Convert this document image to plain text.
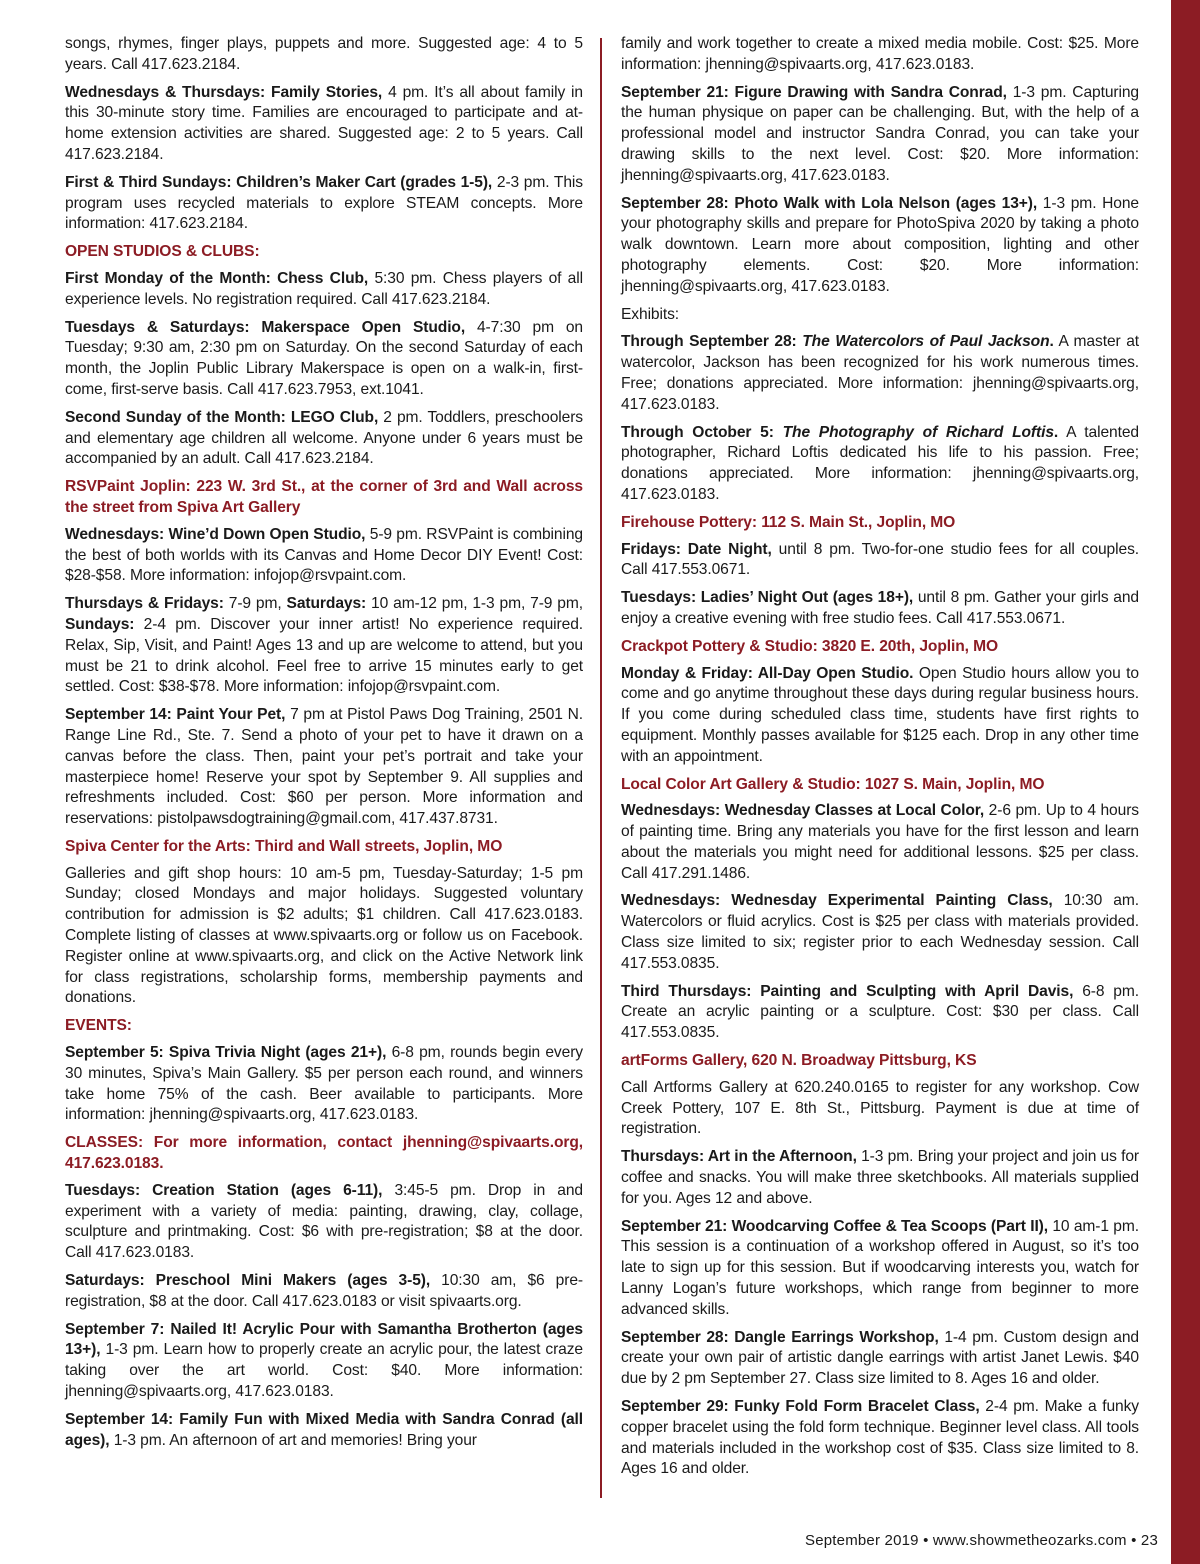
songs, rhymes, finger plays, puppets and more. Suggested age: 4 to 5 years. Call 417.623.2184.

Wednesdays & Thursdays: Family Stories, 4 pm. It’s all about family in this 30-minute story time. Families are encouraged to participate and at-home extension activities are shared. Suggested age: 2 to 5 years. Call 417.623.2184.

First & Third Sundays: Children’s Maker Cart (grades 1-5), 2-3 pm. This program uses recycled materials to explore STEAM concepts. More information: 417.623.2184.

OPEN STUDIOS & CLUBS:

First Monday of the Month: Chess Club, 5:30 pm. Chess players of all experience levels. No registration required. Call 417.623.2184.

Tuesdays & Saturdays: Makerspace Open Studio, 4-7:30 pm on Tuesday; 9:30 am, 2:30 pm on Saturday. On the second Saturday of each month, the Joplin Public Library Makerspace is open on a walk-in, first-come, first-serve basis. Call 417.623.7953, ext.1041.

Second Sunday of the Month: LEGO Club, 2 pm. Toddlers, preschoolers and elementary age children all welcome. Anyone under 6 years must be accompanied by an adult. Call 417.623.2184.

RSVPaint Joplin: 223 W. 3rd St., at the corner of 3rd and Wall across the street from Spiva Art Gallery

Wednesdays: Wine’d Down Open Studio, 5-9 pm. RSVPaint is combining the best of both worlds with its Canvas and Home Decor DIY Event! Cost: $28-$58. More information: infojop@rsvpaint.com.

Thursdays & Fridays: 7-9 pm, Saturdays: 10 am-12 pm, 1-3 pm, 7-9 pm, Sundays: 2-4 pm. Discover your inner artist! No experience required. Relax, Sip, Visit, and Paint! Ages 13 and up are welcome to attend, but you must be 21 to drink alcohol. Feel free to arrive 15 minutes early to get settled. Cost: $38-$78. More information: infojop@rsvpaint.com.

September 14: Paint Your Pet, 7 pm at Pistol Paws Dog Training, 2501 N. Range Line Rd., Ste. 7. Send a photo of your pet to have it drawn on a canvas before the class. Then, paint your pet’s portrait and take your masterpiece home! Reserve your spot by September 9. All supplies and refreshments included. Cost: $60 per person. More information and reservations: pistolpawsdogtraining@gmail.com, 417.437.8731.

Spiva Center for the Arts: Third and Wall streets, Joplin, MO

Galleries and gift shop hours: 10 am-5 pm, Tuesday-Saturday; 1-5 pm Sunday; closed Mondays and major holidays. Suggested voluntary contribution for admission is $2 adults; $1 children. Call 417.623.0183. Complete listing of classes at www.spivaarts.org or follow us on Facebook. Register online at www.spivaarts.org, and click on the Active Network link for class registrations, scholarship forms, membership payments and donations.

EVENTS:

September 5: Spiva Trivia Night (ages 21+), 6-8 pm, rounds begin every 30 minutes, Spiva’s Main Gallery. $5 per person each round, and winners take home 75% of the cash. Beer available to participants. More information: jhenning@spivaarts.org, 417.623.0183.

CLASSES: For more information, contact jhenning@spivaarts.org, 417.623.0183.

Tuesdays: Creation Station (ages 6-11), 3:45-5 pm. Drop in and experiment with a variety of media: painting, drawing, clay, collage, sculpture and printmaking. Cost: $6 with pre-registration; $8 at the door. Call 417.623.0183.

Saturdays: Preschool Mini Makers (ages 3-5), 10:30 am, $6 pre-registration, $8 at the door. Call 417.623.0183 or visit spivaarts.org.

September 7: Nailed It! Acrylic Pour with Samantha Brotherton (ages 13+), 1-3 pm. Learn how to properly create an acrylic pour, the latest craze taking over the art world. Cost: $40. More information: jhenning@spivaarts.org, 417.623.0183.

September 14: Family Fun with Mixed Media with Sandra Conrad (all ages), 1-3 pm. An afternoon of art and memories! Bring your

family and work together to create a mixed media mobile. Cost: $25. More information: jhenning@spivaarts.org, 417.623.0183.

September 21: Figure Drawing with Sandra Conrad, 1-3 pm. Capturing the human physique on paper can be challenging. But, with the help of a professional model and instructor Sandra Conrad, you can take your drawing skills to the next level. Cost: $20. More information: jhenning@spivaarts.org, 417.623.0183.

September 28: Photo Walk with Lola Nelson (ages 13+), 1-3 pm. Hone your photography skills and prepare for PhotoSpiva 2020 by taking a photo walk downtown. Learn more about composition, lighting and other photography elements. Cost: $20. More information: jhenning@spivaarts.org, 417.623.0183.

Exhibits:

Through September 28: The Watercolors of Paul Jackson. A master at watercolor, Jackson has been recognized for his work numerous times. Free; donations appreciated. More information: jhenning@spivaarts.org, 417.623.0183.

Through October 5: The Photography of Richard Loftis. A talented photographer, Richard Loftis dedicated his life to his passion. Free; donations appreciated. More information: jhenning@spivaarts.org, 417.623.0183.

Firehouse Pottery: 112 S. Main St., Joplin, MO

Fridays: Date Night, until 8 pm. Two-for-one studio fees for all couples. Call 417.553.0671.

Tuesdays: Ladies’ Night Out (ages 18+), until 8 pm. Gather your girls and enjoy a creative evening with free studio fees. Call 417.553.0671.

Crackpot Pottery & Studio: 3820 E. 20th, Joplin, MO

Monday & Friday: All-Day Open Studio. Open Studio hours allow you to come and go anytime throughout these days during regular business hours. If you come during scheduled class time, students have first rights to equipment. Monthly passes available for $125 each. Drop in any other time with an appointment.

Local Color Art Gallery & Studio: 1027 S. Main, Joplin, MO

Wednesdays: Wednesday Classes at Local Color, 2-6 pm. Up to 4 hours of painting time. Bring any materials you have for the first lesson and learn about the materials you might need for additional lessons. $25 per class. Call 417.291.1486.

Wednesdays: Wednesday Experimental Painting Class, 10:30 am. Watercolors or fluid acrylics. Cost is $25 per class with materials provided. Class size limited to six; register prior to each Wednesday session. Call 417.553.0835.

Third Thursdays: Painting and Sculpting with April Davis, 6-8 pm. Create an acrylic painting or a sculpture. Cost: $30 per class. Call 417.553.0835.

artForms Gallery, 620 N. Broadway Pittsburg, KS

Call Artforms Gallery at 620.240.0165 to register for any workshop. Cow Creek Pottery, 107 E. 8th St., Pittsburg. Payment is due at time of registration.

Thursdays: Art in the Afternoon, 1-3 pm. Bring your project and join us for coffee and snacks. You will make three sketchbooks. All materials supplied for you. Ages 12 and above.

September 21: Woodcarving Coffee & Tea Scoops (Part II), 10 am-1 pm. This session is a continuation of a workshop offered in August, so it’s too late to sign up for this session. But if woodcarving interests you, watch for Lanny Logan’s future workshops, which range from beginner to more advanced skills.

September 28: Dangle Earrings Workshop, 1-4 pm. Custom design and create your own pair of artistic dangle earrings with artist Janet Lewis. $40 due by 2 pm September 27. Class size limited to 8. Ages 16 and older.

September 29: Funky Fold Form Bracelet Class, 2-4 pm. Make a funky copper bracelet using the fold form technique. Beginner level class. All tools and materials included in the workshop cost of $35. Class size limited to 8. Ages 16 and older.

September 2019 • www.showmetheozarks.com • 23
